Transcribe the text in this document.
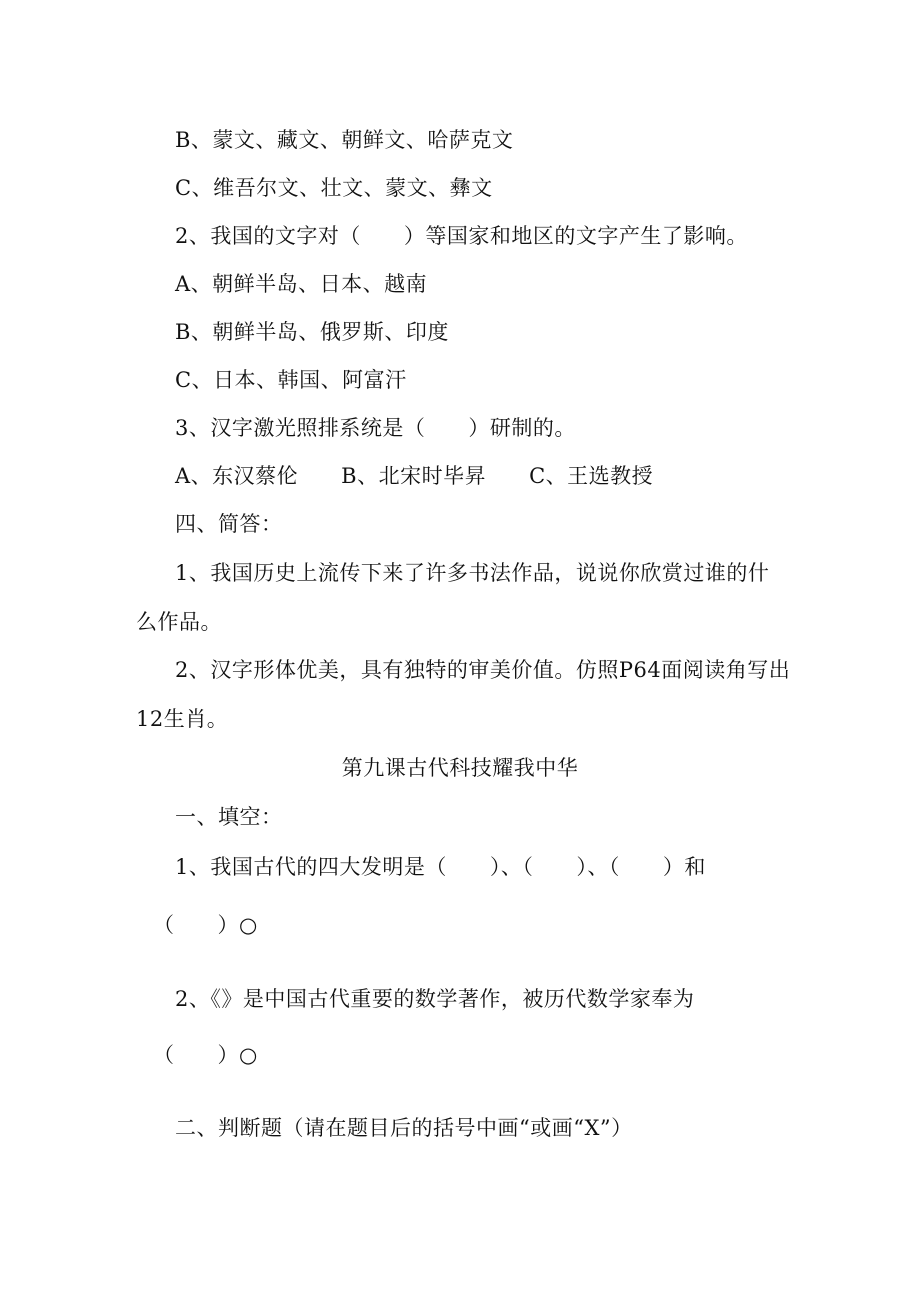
B、蒙文、藏文、朝鲜文、哈萨克文
C、维吾尔文、壮文、蒙文、彝文
2、我国的文字对（　　）等国家和地区的文字产生了影响。
A、朝鲜半岛、日本、越南
B、朝鲜半岛、俄罗斯、印度
C、日本、韩国、阿富汗
3、汉字激光照排系统是（　　）研制的。
A、东汉蔡伦　　B、北宋时毕昇　　C、王选教授
四、简答：
1、我国历史上流传下来了许多书法作品，说说你欣赏过谁的什
么作品。
2、汉字形体优美，具有独特的审美价值。仿照P64面阅读角写出
12生肖。
第九课古代科技耀我中华
一、填空：
1、我国古代的四大发明是（　　）、（　　）、（　　）和
（　　）○
2、《》是中国古代重要的数学著作，被历代数学家奉为
（　　）○
二、判断题（请在题目后的括号中画“或画“X”）
